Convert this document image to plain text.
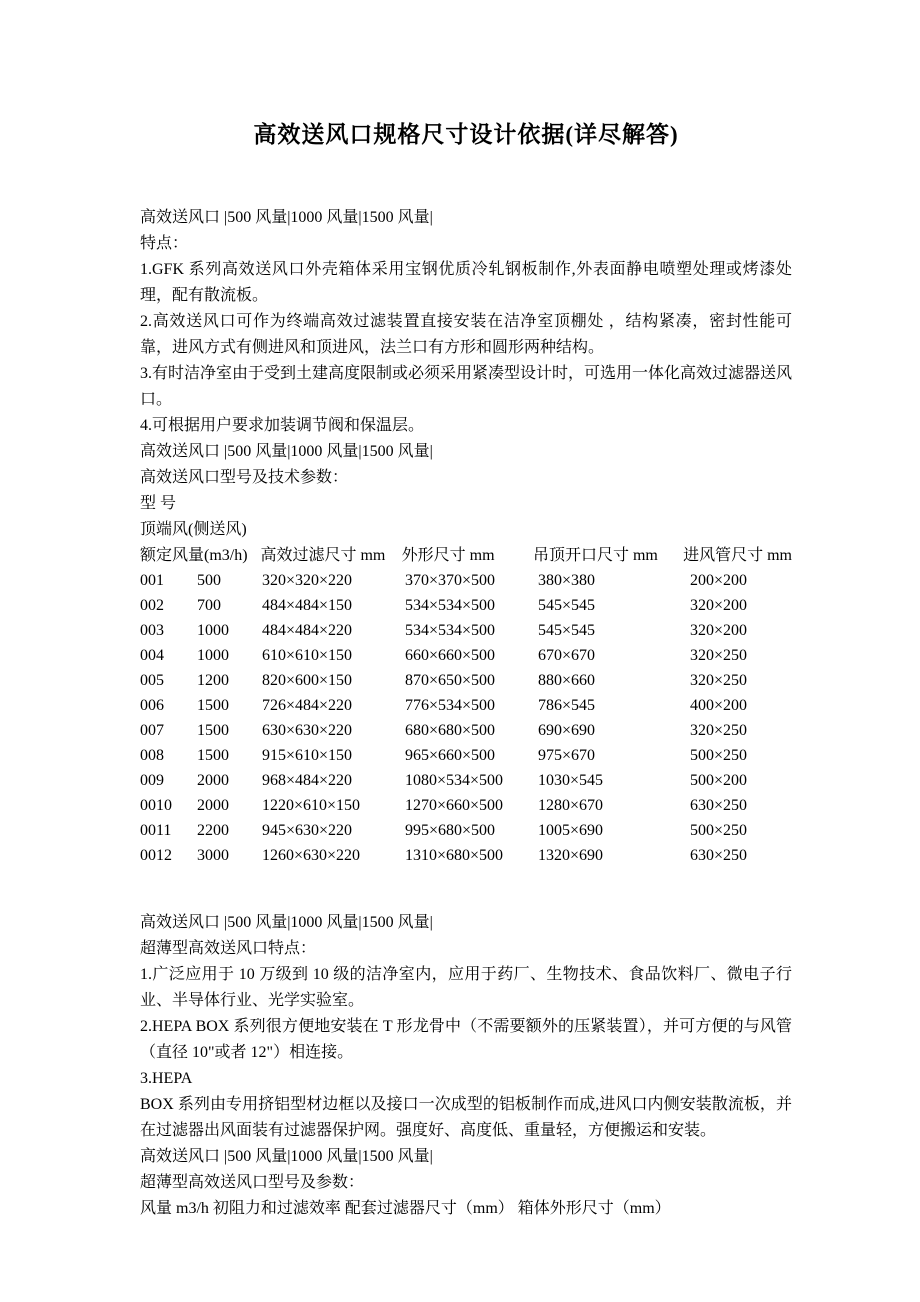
高效送风口规格尺寸设计依据(详尽解答)

高效送风口 |500 风量|1000 风量|1500 风量|

特点：

1.GFK 系列高效送风口外壳箱体采用宝钢优质冷轧钢板制作,外表面静电喷塑处理或烤漆处理，配有散流板。

2.高效送风口可作为终端高效过滤装置直接安装在洁净室顶棚处 ，结构紧凑，密封性能可靠，进风方式有侧进风和顶进风，法兰口有方形和圆形两种结构。

3.有时洁净室由于受到土建高度限制或必须采用紧凑型设计时，可选用一体化高效过滤器送风口。

4.可根据用户要求加装调节阀和保温层。

高效送风口 |500 风量|1000 风量|1500 风量|

高效送风口型号及技术参数：

型 号

顶端风(侧送风)

额定风量(m3/h) 高效过滤尺寸 mm	外形尺寸 mm	吊顶开口尺寸 mm	进风管尺寸 mm
001	500	320×320×220	370×370×500	380×380	200×200
002	700	484×484×150	534×534×500	545×545	320×200
003	1000	484×484×220	534×534×500	545×545	320×200
004	1000	610×610×150	660×660×500	670×670	320×250
005	1200	820×600×150	870×650×500	880×660	320×250
006	1500	726×484×220	776×534×500	786×545	400×200
007	1500	630×630×220	680×680×500	690×690	320×250
008	1500	915×610×150	965×660×500	975×670	500×250
009	2000	968×484×220	1080×534×500	1030×545	500×200
0010	2000	1220×610×150	1270×660×500	1280×670	630×250
0011	2200	945×630×220	995×680×500	1005×690	500×250
0012	3000	1260×630×220	1310×680×500	1320×690	630×250

高效送风口 |500 风量|1000 风量|1500 风量|

超薄型高效送风口特点：

1.广泛应用于 10 万级到 10 级的洁净室内，应用于药厂、生物技术、食品饮料厂、微电子行业、半导体行业、光学实验室。

2.HEPA BOX 系列很方便地安装在 T 形龙骨中（不需要额外的压紧装置），并可方便的与风管（直径 10"或者 12"）相连接。

3.HEPA

BOX 系列由专用挤铝型材边框以及接口一次成型的铝板制作而成,进风口内侧安装散流板，并在过滤器出风面装有过滤器保护网。强度好、高度低、重量轻，方便搬运和安装。

高效送风口 |500 风量|1000 风量|1500 风量|

超薄型高效送风口型号及参数：

风量 m3/h 初阻力和过滤效率 配套过滤器尺寸（mm） 箱体外形尺寸（mm）
